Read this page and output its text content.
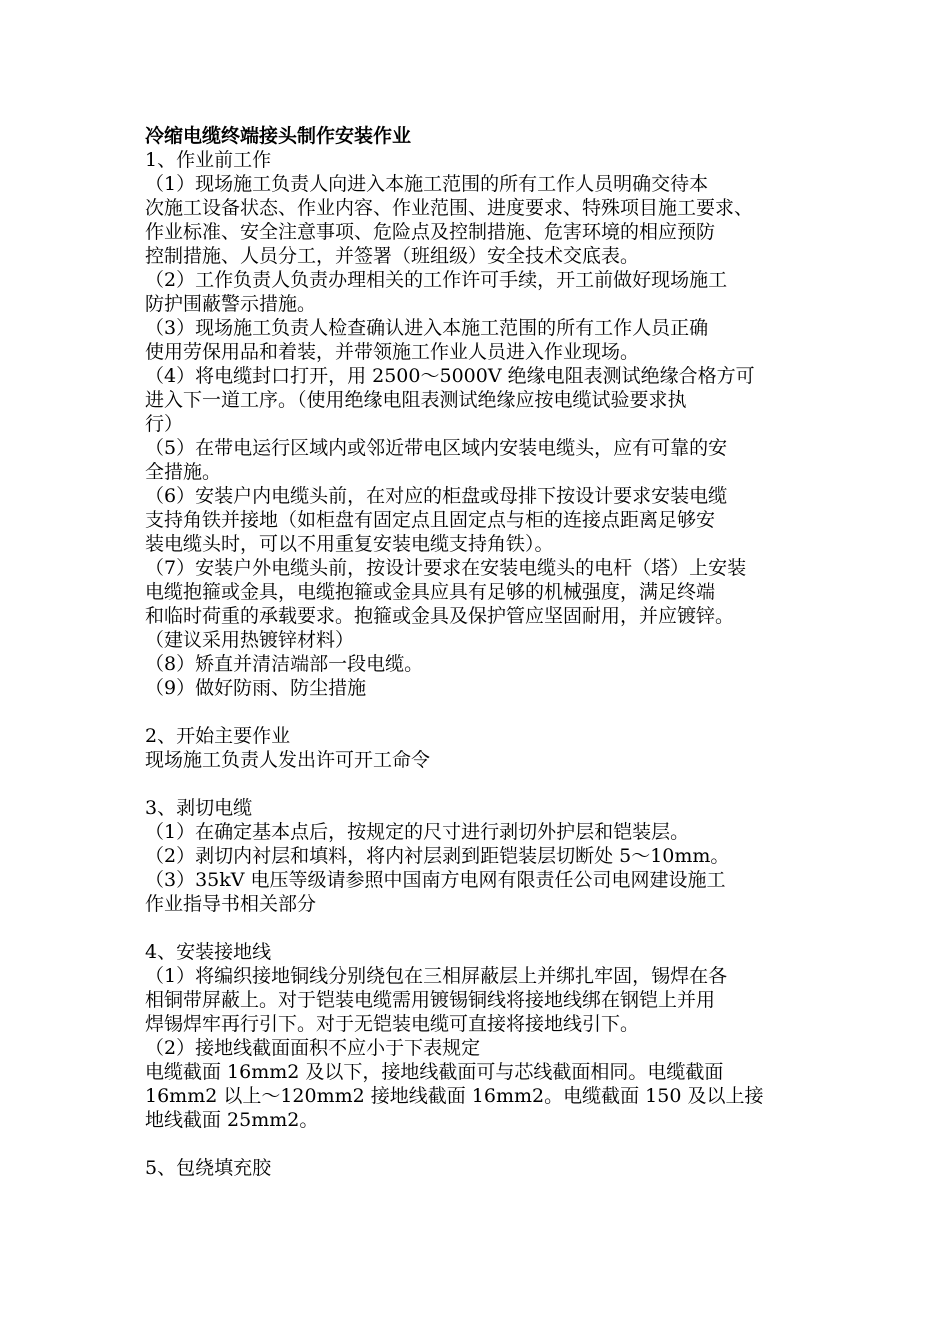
冷缩电缆终端接头制作安装作业

1、作业前工作

（1）现场施工负责人向进入本施工范围的所有工作人员明确交待本

次施工设备状态、作业内容、作业范围、进度要求、特殊项目施工要求、

作业标准、安全注意事项、危险点及控制措施、危害环境的相应预防

控制措施、人员分工，并签署（班组级）安全技术交底表。

（2）工作负责人负责办理相关的工作许可手续，开工前做好现场施工

防护围蔽警示措施。

（3）现场施工负责人检查确认进入本施工范围的所有工作人员正确

使用劳保用品和着装，并带领施工作业人员进入作业现场。

（4）将电缆封口打开，用 2500～5000V 绝缘电阻表测试绝缘合格方可

进入下一道工序。（使用绝缘电阻表测试绝缘应按电缆试验要求执

行）

（5）在带电运行区域内或邻近带电区域内安装电缆头，应有可靠的安

全措施。

（6）安装户内电缆头前，在对应的柜盘或母排下按设计要求安装电缆

支持角铁并接地（如柜盘有固定点且固定点与柜的连接点距离足够安

装电缆头时，可以不用重复安装电缆支持角铁）。

（7）安装户外电缆头前，按设计要求在安装电缆头的电杆（塔）上安装

电缆抱箍或金具，电缆抱箍或金具应具有足够的机械强度，满足终端

和临时荷重的承载要求。抱箍或金具及保护管应坚固耐用，并应镀锌。

（建议采用热镀锌材料）

（8）矫直并清洁端部一段电缆。

（9）做好防雨、防尘措施

2、开始主要作业

现场施工负责人发出许可开工命令

3、剥切电缆

（1）在确定基本点后，按规定的尺寸进行剥切外护层和铠装层。

（2）剥切内衬层和填料，将内衬层剥到距铠装层切断处 5～10mm。

（3）35kV 电压等级请参照中国南方电网有限责任公司电网建设施工

作业指导书相关部分

4、安装接地线

（1）将编织接地铜线分别绕包在三相屏蔽层上并绑扎牢固，锡焊在各

相铜带屏蔽上。对于铠装电缆需用镀锡铜线将接地线绑在钢铠上并用

焊锡焊牢再行引下。对于无铠装电缆可直接将接地线引下。

（2）接地线截面面积不应小于下表规定

电缆截面 16mm2 及以下，接地线截面可与芯线截面相同。电缆截面

16mm2 以上～120mm2 接地线截面 16mm2。电缆截面 150 及以上接

地线截面 25mm2。

5、包绕填充胶
